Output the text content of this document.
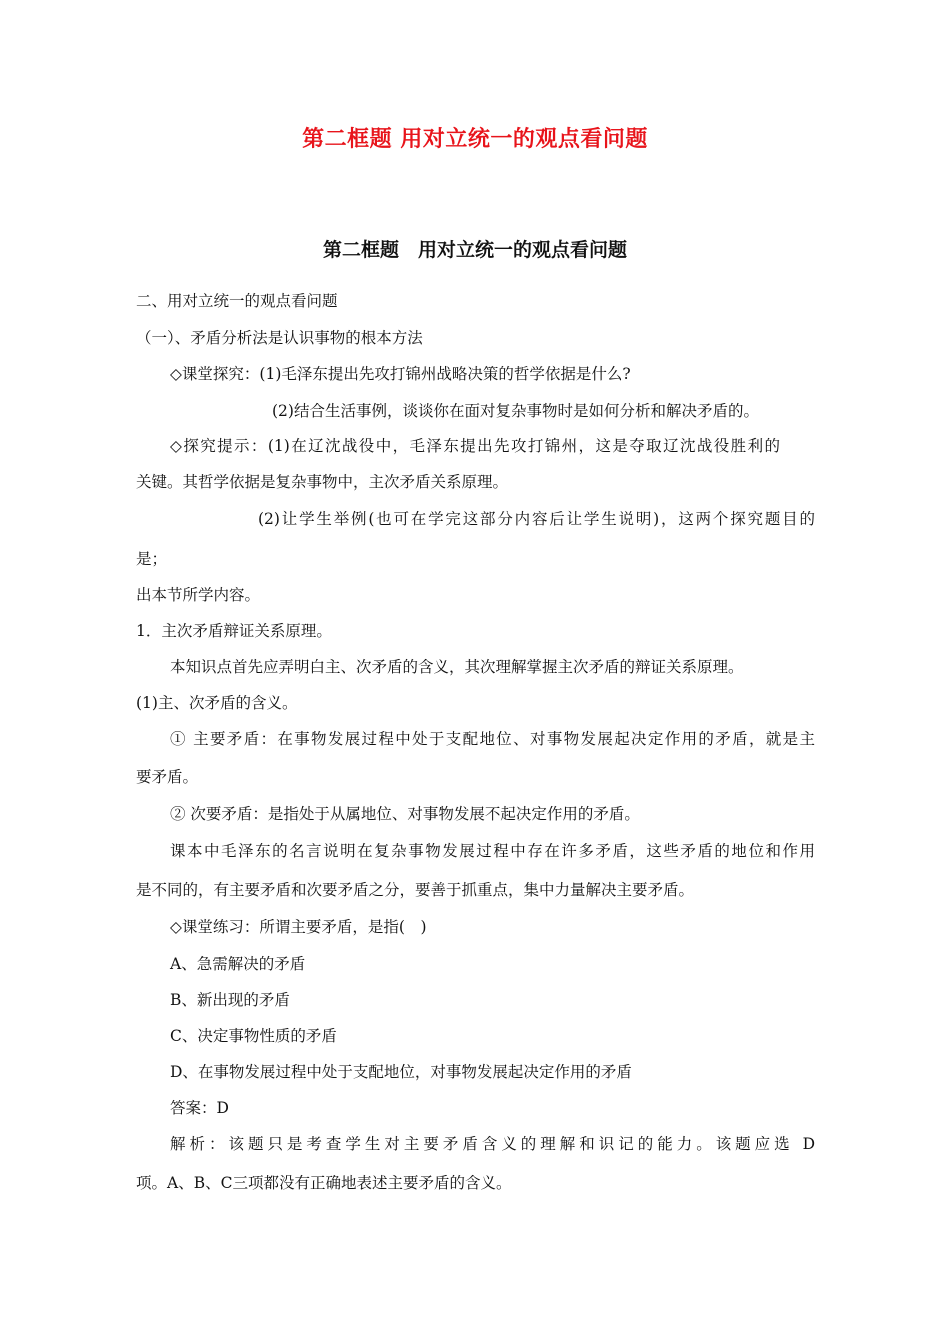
第二框题 用对立统一的观点看问题
第二框题　用对立统一的观点看问题
二、用对立统一的观点看问题
（一）、矛盾分析法是认识事物的根本方法
◇课堂探究：(1)毛泽东提出先攻打锦州战略决策的哲学依据是什么?
(2)结合生活事例，谈谈你在面对复杂事物时是如何分析和解决矛盾的。
◇探究提示：(1)在辽沈战役中，毛泽东提出先攻打锦州，这是夺取辽沈战役胜利的
关键。其哲学依据是复杂事物中，主次矛盾关系原理。
(2)让学生举例(也可在学完这部分内容后让学生说明)，这两个探究题目的
是；
出本节所学内容。
1．主次矛盾辩证关系原理。
本知识点首先应弄明白主、次矛盾的含义，其次理解掌握主次矛盾的辩证关系原理。
(1)主、次矛盾的含义。
① 主要矛盾：在事物发展过程中处于支配地位、对事物发展起决定作用的矛盾，就是主
要矛盾。
② 次要矛盾：是指处于从属地位、对事物发展不起决定作用的矛盾。
课本中毛泽东的名言说明在复杂事物发展过程中存在许多矛盾，这些矛盾的地位和作用
是不同的，有主要矛盾和次要矛盾之分，要善于抓重点，集中力量解决主要矛盾。
◇课堂练习：所谓主要矛盾，是指(　)
A、急需解决的矛盾
B、新出现的矛盾
C、决定事物性质的矛盾
D、在事物发展过程中处于支配地位，对事物发展起决定作用的矛盾
答案：D
解析：该题只是考查学生对主要矛盾含义的理解和识记的能力。该题应选 D
项。A、B、C三项都没有正确地表述主要矛盾的含义。
